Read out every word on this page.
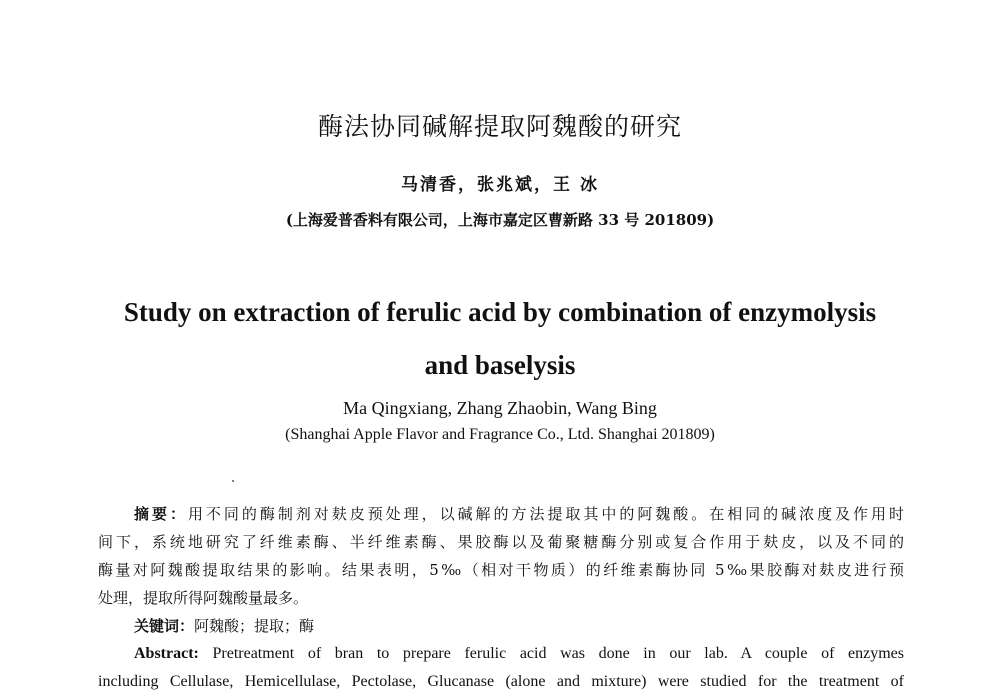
酶法协同碱解提取阿魏酸的研究
马清香，张兆斌，王 冰
(上海爱普香料有限公司，上海市嘉定区曹新路 33 号 201809)
Study on extraction of ferulic acid by combination of enzymolysis
and baselysis
Ma Qingxiang, Zhang Zhaobin, Wang Bing
(Shanghai Apple Flavor and Fragrance Co., Ltd. Shanghai 201809)
摘要：用不同的酶制剂对麸皮预处理，以碱解的方法提取其中的阿魏酸。在相同的碱浓度及作用时
间下，系统地研究了纤维素酶、半纤维素酶、果胶酶以及葡聚糖酶分别或复合作用于麸皮，以及不同的
酶量对阿魏酸提取结果的影响。结果表明，5‰（相对干物质）的纤维素酶协同 5‰果胶酶对麸皮进行预
处理，提取所得阿魏酸量最多。
关键词：阿魏酸；提取；酶
Abstract: Pretreatment of bran to prepare ferulic acid was done in our lab. A couple of enzymes
including Cellulase, Hemicellulase, Pectolase, Glucanase (alone and mixture) were studied for the treatment of
